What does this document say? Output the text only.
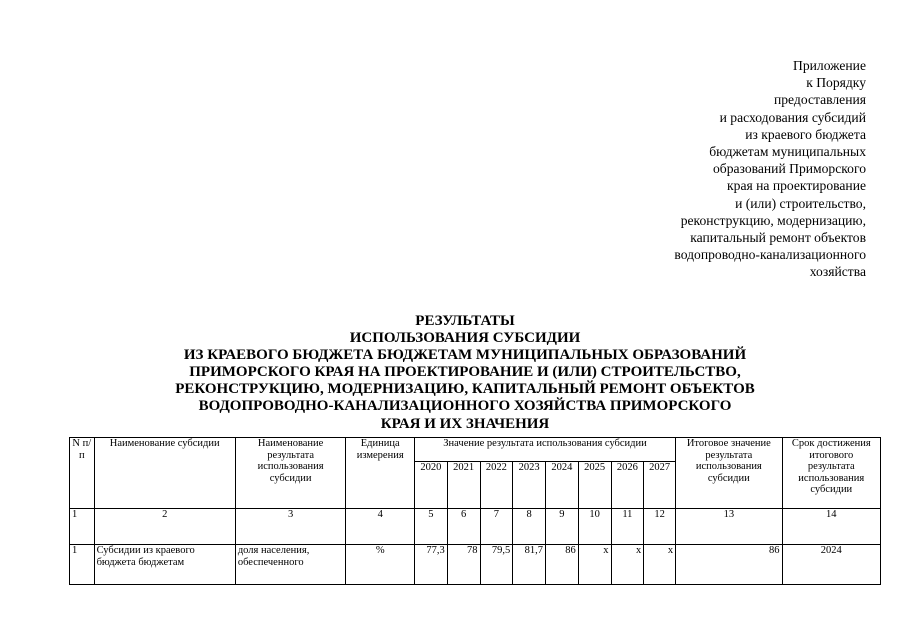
Приложение
к Порядку
предоставления
и расходования субсидий
из краевого бюджета
бюджетам муниципальных
образований Приморского
края на проектирование
и (или) строительство,
реконструкцию, модернизацию,
капитальный ремонт объектов
водопроводно-канализационного
хозяйства
РЕЗУЛЬТАТЫ
ИСПОЛЬЗОВАНИЯ СУБСИДИИ
ИЗ КРАЕВОГО БЮДЖЕТА БЮДЖЕТАМ МУНИЦИПАЛЬНЫХ ОБРАЗОВАНИЙ
ПРИМОРСКОГО КРАЯ НА ПРОЕКТИРОВАНИЕ И (ИЛИ) СТРОИТЕЛЬСТВО,
РЕКОНСТРУКЦИЮ, МОДЕРНИЗАЦИЮ, КАПИТАЛЬНЫЙ РЕМОНТ ОБЪЕКТОВ
ВОДОПРОВОДНО-КАНАЛИЗАЦИОННОГО ХОЗЯЙСТВА ПРИМОРСКОГО
КРАЯ И ИХ ЗНАЧЕНИЯ
N п/п	Наименование субсидии	Наименование результата использования субсидии	Единица измерения	Значение результата использования субсидии								Итоговое значение результата использования субсидии	Срок достижения итогового результата использования субсидии
				2020	2021	2022	2023	2024	2025	2026	2027		
1	2	3	4	5	6	7	8	9	10	11	12	13	14
1	Субсидии из краевого бюджета бюджетам	доля населения, обеспеченного	%	77,3	78	79,5	81,7	86	x	x	x	86	2024
